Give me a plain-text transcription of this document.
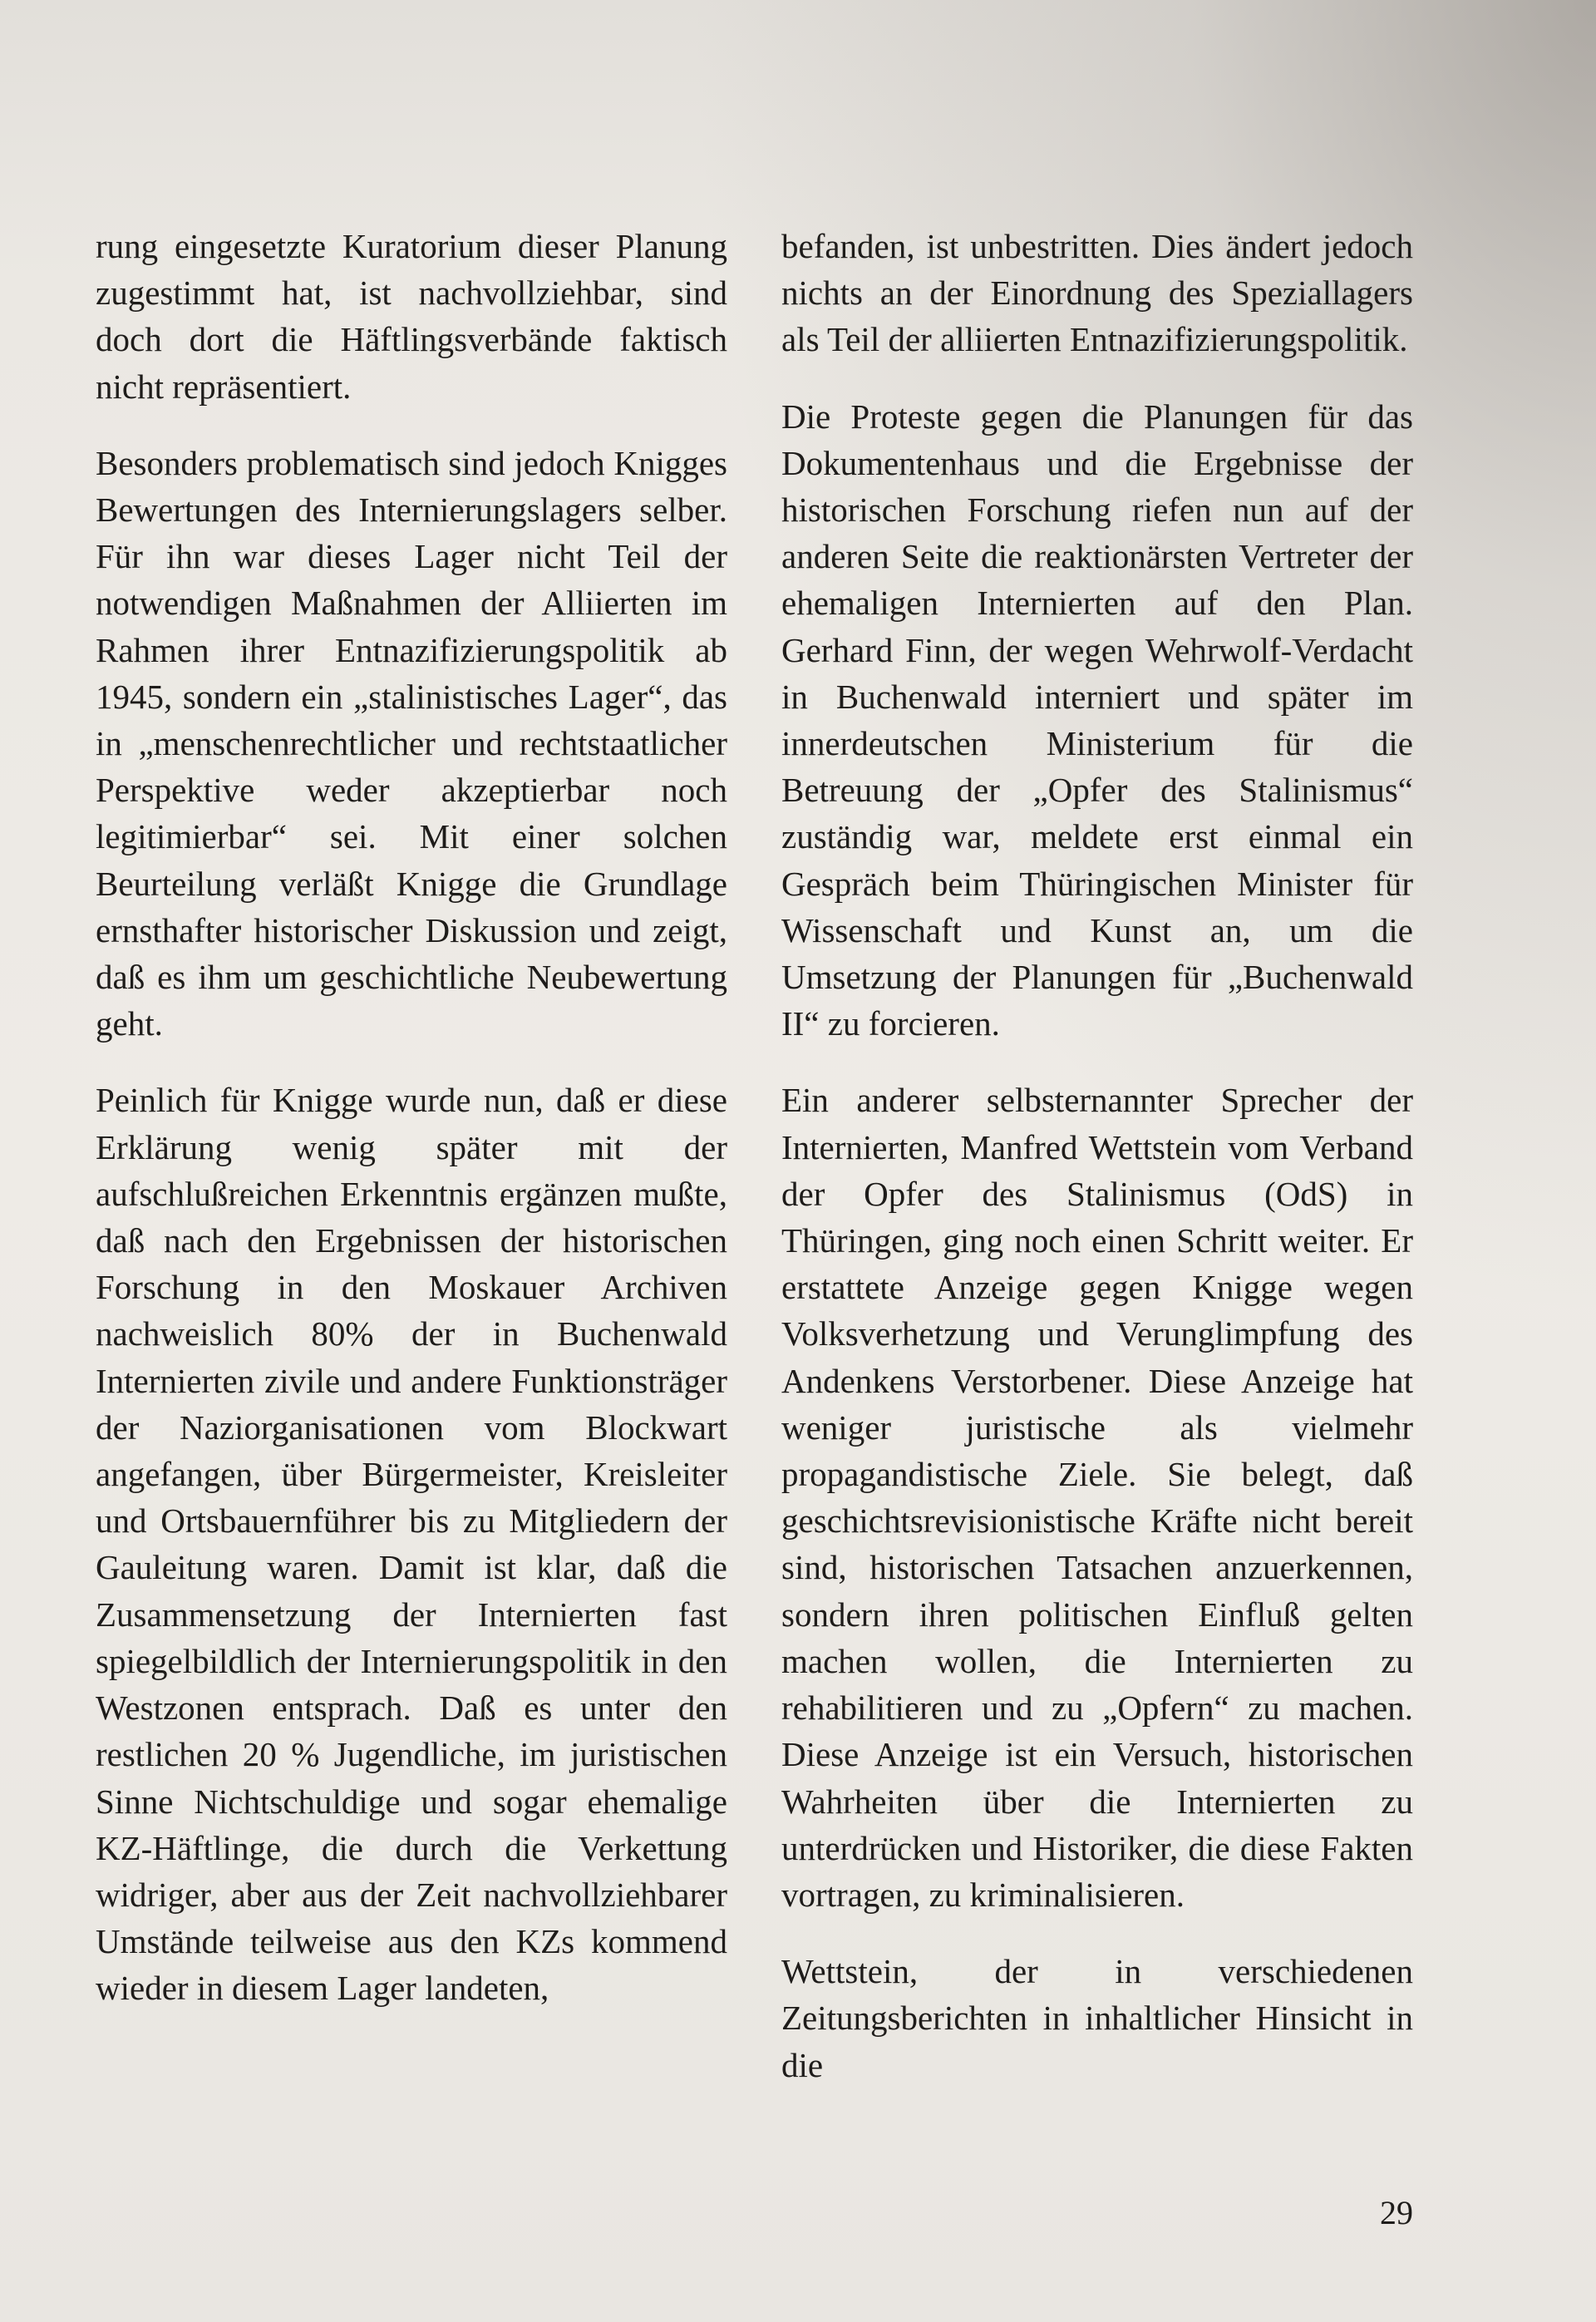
rung eingesetzte Kuratorium dieser Planung zugestimmt hat, ist nachvollziehbar, sind doch dort die Häftlingsverbände faktisch nicht repräsentiert.

Besonders problematisch sind jedoch Knigges Bewertungen des Internierungslagers selber. Für ihn war dieses Lager nicht Teil der notwendigen Maßnahmen der Alliierten im Rahmen ihrer Entnazifizierungspolitik ab 1945, sondern ein „stalinistisches Lager“, das in „menschenrechtlicher und rechtstaatlicher Perspektive weder akzeptierbar noch legitimierbar“ sei. Mit einer solchen Beurteilung verläßt Knigge die Grundlage ernsthafter historischer Diskussion und zeigt, daß es ihm um geschichtliche Neubewertung geht.

Peinlich für Knigge wurde nun, daß er diese Erklärung wenig später mit der aufschlußreichen Erkenntnis ergänzen mußte, daß nach den Ergebnissen der historischen Forschung in den Moskauer Archiven nachweislich 80% der in Buchenwald Internierten zivile und andere Funktionsträger der Naziorganisationen vom Blockwart angefangen, über Bürgermeister, Kreisleiter und Ortsbauernführer bis zu Mitgliedern der Gauleitung waren. Damit ist klar, daß die Zusammensetzung der Internierten fast spiegelbildlich der Internierungspolitik in den Westzonen entsprach. Daß es unter den restlichen 20 % Jugendliche, im juristischen Sinne Nichtschuldige und sogar ehemalige KZ-Häftlinge, die durch die Verkettung widriger, aber aus der Zeit nachvollziehbarer Umstände teilweise aus den KZs kommend wieder in diesem Lager landeten,

befanden, ist unbestritten. Dies ändert jedoch nichts an der Einordnung des Speziallagers als Teil der alliierten Entnazifizierungspolitik.

Die Proteste gegen die Planungen für das Dokumentenhaus und die Ergebnisse der historischen Forschung riefen nun auf der anderen Seite die reaktionärsten Vertreter der ehemaligen Internierten auf den Plan. Gerhard Finn, der wegen Wehrwolf-Verdacht in Buchenwald interniert und später im innerdeutschen Ministerium für die Betreuung der „Opfer des Stalinismus“ zuständig war, meldete erst einmal ein Gespräch beim Thüringischen Minister für Wissenschaft und Kunst an, um die Umsetzung der Planungen für „Buchenwald II“ zu forcieren.

Ein anderer selbsternannter Sprecher der Internierten, Manfred Wettstein vom Verband der Opfer des Stalinismus (OdS) in Thüringen, ging noch einen Schritt weiter. Er erstattete Anzeige gegen Knigge wegen Volksverhetzung und Verunglimpfung des Andenkens Verstorbener. Diese Anzeige hat weniger juristische als vielmehr propagandistische Ziele. Sie belegt, daß geschichtsrevisionistische Kräfte nicht bereit sind, historischen Tatsachen anzuerkennen, sondern ihren politischen Einfluß gelten machen wollen, die Internierten zu rehabilitieren und zu „Opfern“ zu machen. Diese Anzeige ist ein Versuch, historischen Wahrheiten über die Internierten zu unterdrücken und Historiker, die diese Fakten vortragen, zu kriminalisieren.

Wettstein, der in verschiedenen Zeitungsberichten in inhaltlicher Hinsicht in die

29
